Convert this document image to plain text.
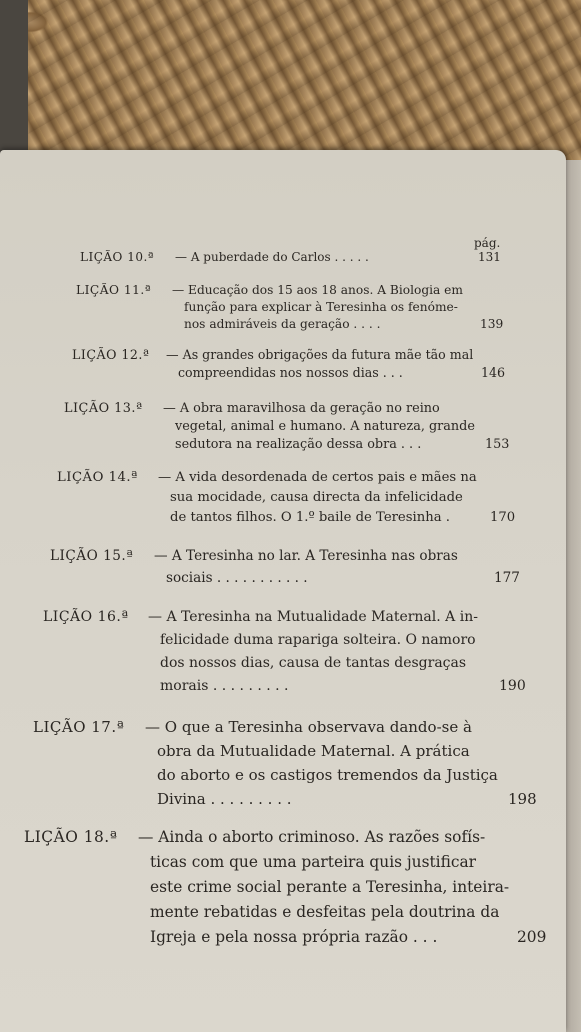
pág.
LIÇÃO 10.ª — A puberdade do Carlos . . . . .	131
LIÇÃO 11.ª — Educação dos 15 aos 18 anos. A Biologia em
função para explicar à Teresinha os fenóme-
nos admiráveis da geração . . . .	139
LIÇÃO 12.ª — As grandes obrigações da futura mãe tão mal
compreendidas nos nossos dias . . .	146
LIÇÃO 13.ª — A obra maravilhosa da geração no reino
vegetal, animal e humano. A natureza, grande
sedutora na realização dessa obra . . .	153
LIÇÃO 14.ª — A vida desordenada de certos pais e mães na
sua mocidade, causa directa da infelicidade
de tantos filhos. O 1.º baile de Teresinha .	170
LIÇÃO 15.ª — A Teresinha no lar. A Teresinha nas obras
sociais . . . . . . . . . . .	177
LIÇÃO 16.ª — A Teresinha na Mutualidade Maternal. A in-
felicidade duma rapariga solteira. O namoro
dos nossos dias, causa de tantas desgraças
morais . . . . . . . . .	190
LIÇÃO 17.ª — O que a Teresinha observava dando-se à
obra da Mutualidade Maternal. A prática
do aborto e os castigos tremendos da Justiça
Divina . . . . . . . . .	198
LIÇÃO 18.ª — Ainda o aborto criminoso. As razões sofís-
ticas com que uma parteira quis justificar
este crime social perante a Teresinha, inteira-
mente rebatidas e desfeitas pela doutrina da
Igreja e pela nossa própria razão . . .	209
